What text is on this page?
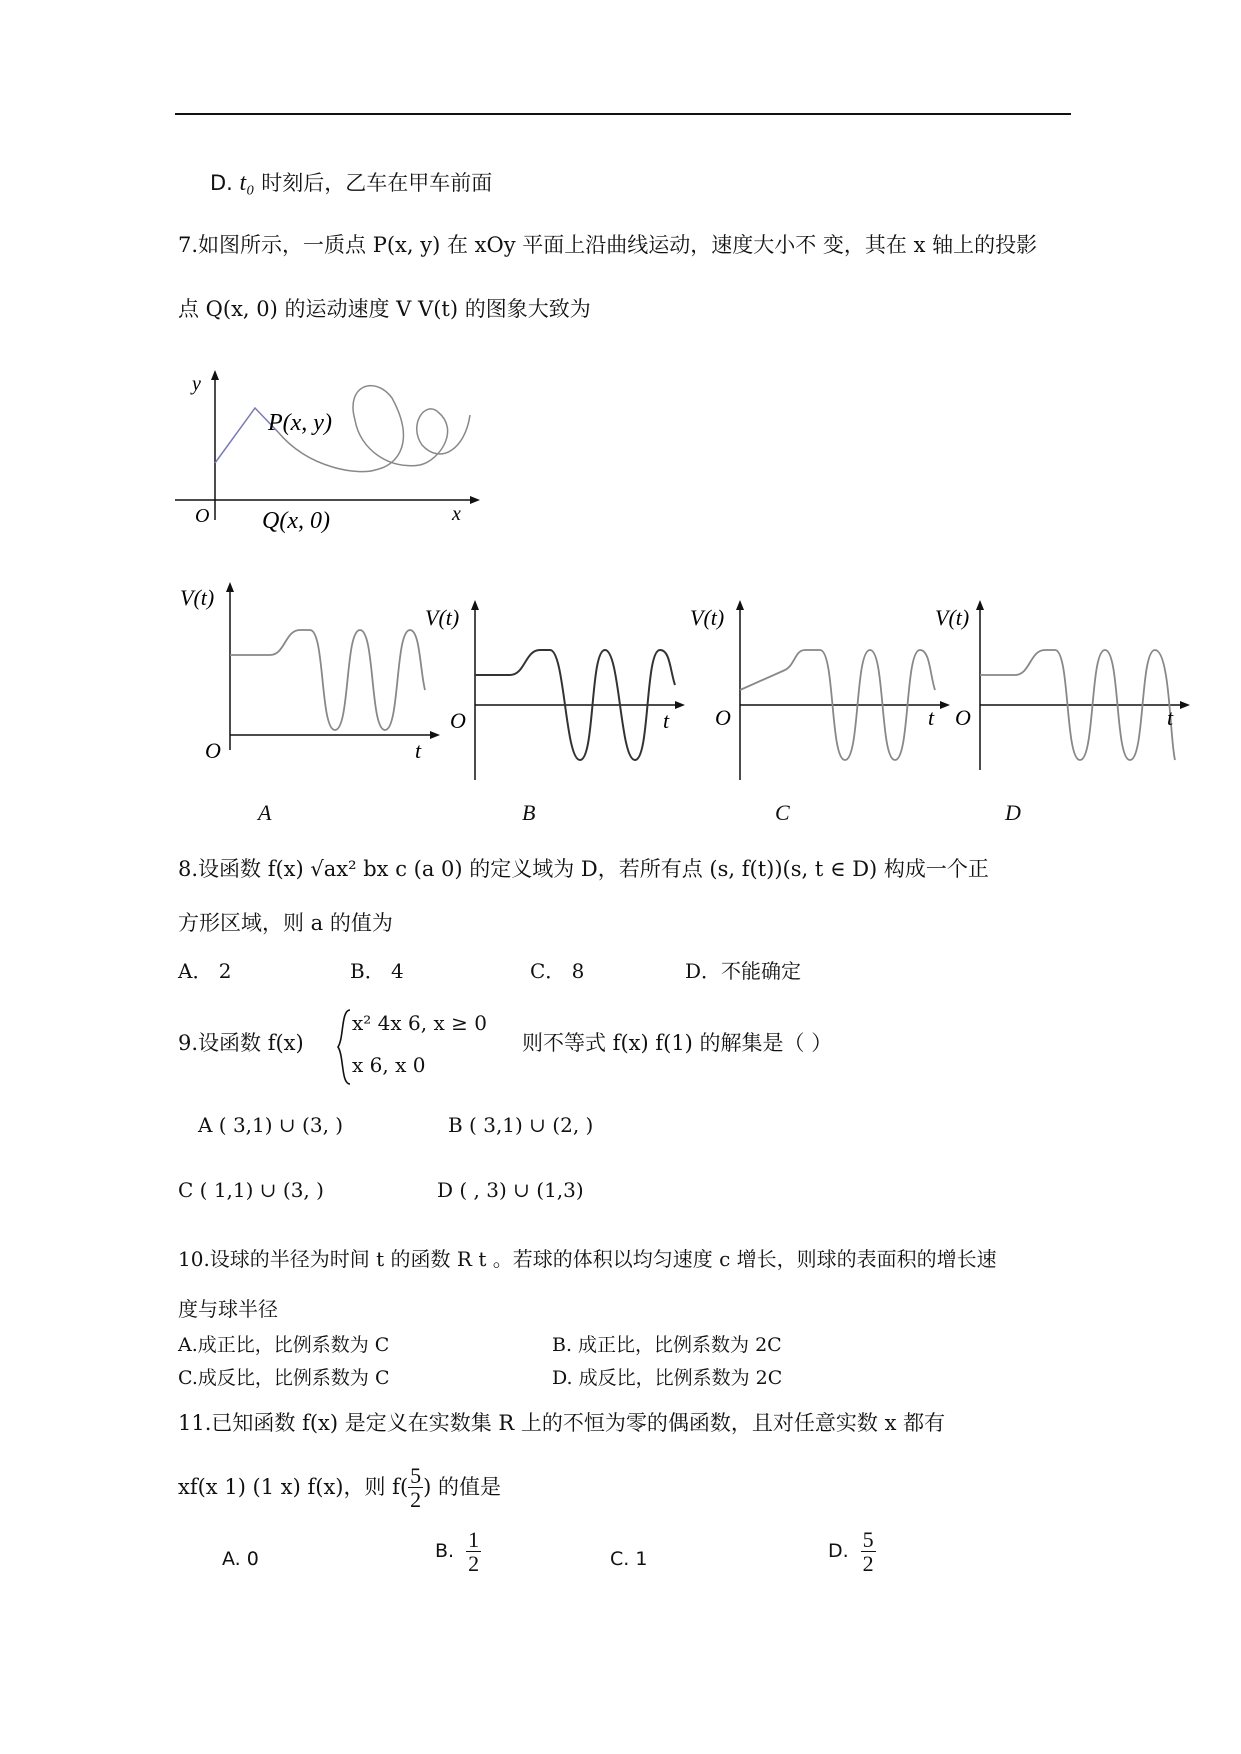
D. t₀ 时刻后，乙车在甲车前面
7.如图所示，一质点 P(x, y) 在 xOy 平面上沿曲线运动，速度大小不 变，其在 x 轴上的投影
点 Q(x, 0) 的运动速度 V V(t) 的图象大致为
y
x
O
P(x, y)
Q(x, 0)
V(t)
O	t
V(t)
O	t
V(t)
O	t
V(t)
O	t
A	B	C	D
8.设函数 f(x) √ax² bx c (a 0) 的定义域为 D，若所有点 (s, f(t))(s, t ∈ D) 构成一个正
方形区域，则 a 的值为
A． 2	B． 4	C． 8	D．不能确定
9.设函数 f(x)
x² 4x 6, x ≥ 0
x 6, x 0
则不等式 f(x) f(1) 的解集是（ ）
A ( 3,1) ∪ (3, )	B ( 3,1) ∪ (2, )
C ( 1,1) ∪ (3, )	D ( , 3) ∪ (1,3)
10.设球的半径为时间 t 的函数 R t 。若球的体积以均匀速度 c 增长，则球的表面积的增长速
度与球半径
A.成正比，比例系数为 C	B. 成正比，比例系数为 2C
C.成反比，比例系数为 C	D. 成反比，比例系数为 2C
11.已知函数 f(x) 是定义在实数集 R 上的不恒为零的偶函数，且对任意实数 x 都有
xf(x 1) (1 x) f(x)，则 $f( \frac{5}{2}$ ) 的值是
A. 0	B. $\frac{1}{2}$	C. 1	D. $\frac{5}{2}$
